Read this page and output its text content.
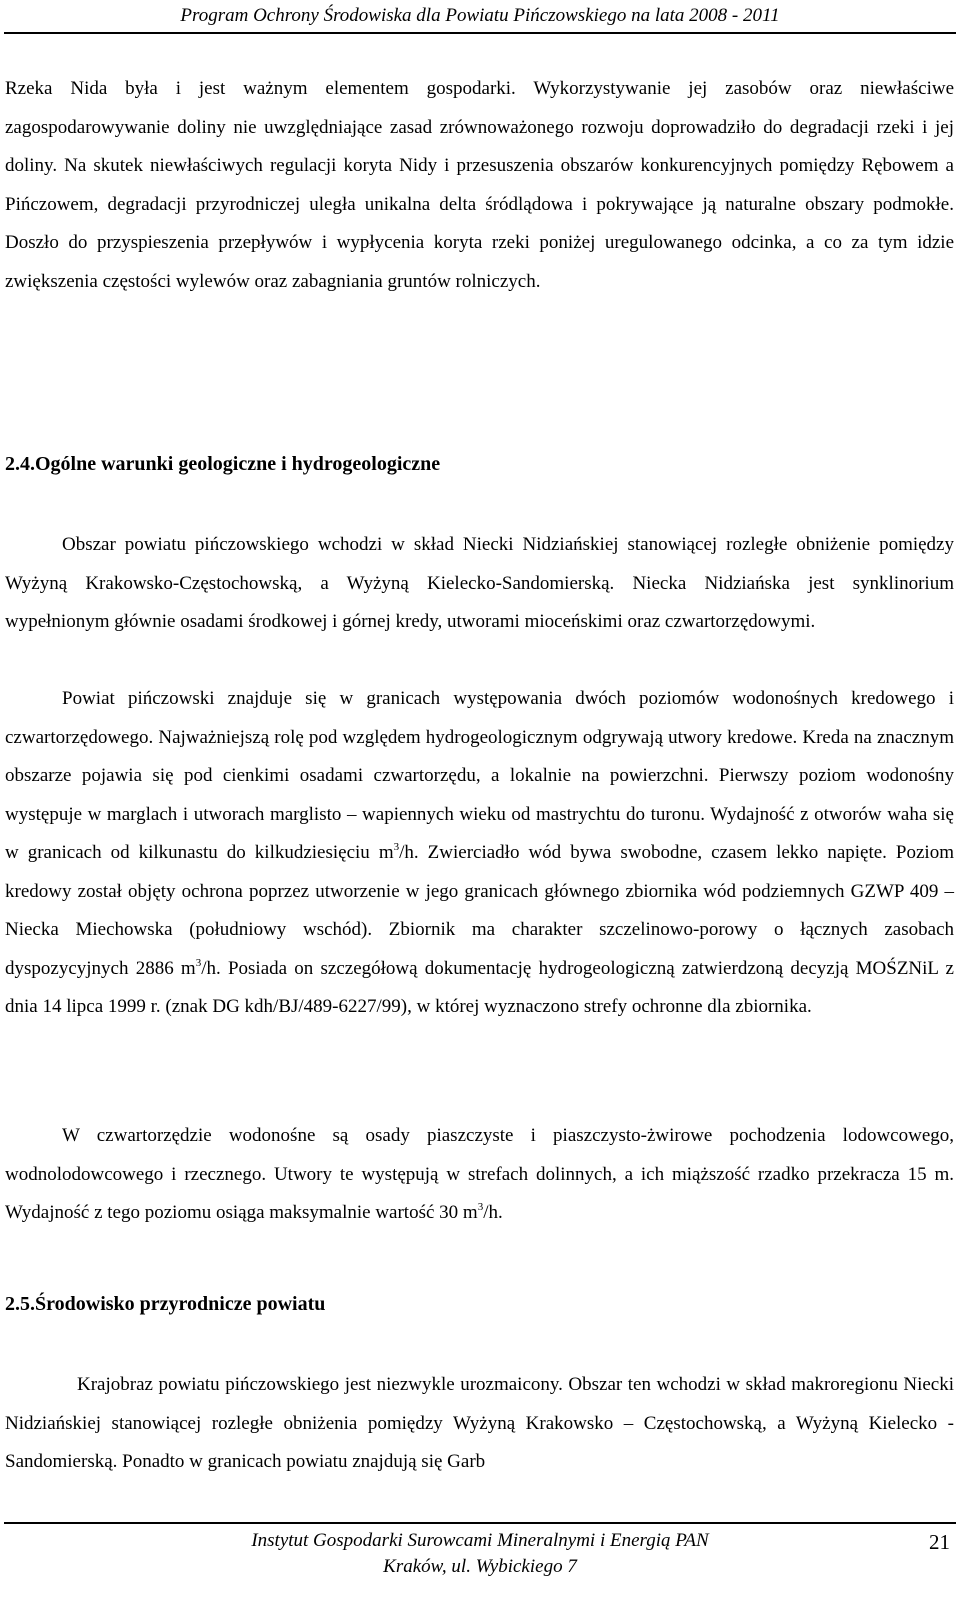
Program Ochrony Środowiska dla Powiatu Pińczowskiego na lata 2008 - 2011

Rzeka Nida była i jest ważnym elementem gospodarki. Wykorzystywanie jej zasobów oraz niewłaściwe zagospodarowywanie doliny nie uwzględniające zasad zrównoważonego rozwoju doprowadziło do degradacji rzeki i jej doliny. Na skutek niewłaściwych regulacji koryta Nidy i przesuszenia obszarów konkurencyjnych pomiędzy Rębowem a Pińczowem, degradacji przyrodniczej uległa unikalna delta śródlądowa i pokrywające ją naturalne obszary podmokłe. Doszło do przyspieszenia przepływów i wypłycenia koryta rzeki poniżej uregulowanego odcinka, a co za tym idzie zwiększenia częstości wylewów oraz zabagniania gruntów rolniczych.

2.4.Ogólne warunki geologiczne i hydrogeologiczne

Obszar powiatu pińczowskiego wchodzi w skład Niecki Nidziańskiej stanowiącej rozległe obniżenie pomiędzy Wyżyną Krakowsko-Częstochowską, a Wyżyną Kielecko-Sandomierską. Niecka Nidziańska jest synklinorium wypełnionym głównie osadami środkowej i górnej kredy, utworami mioceńskimi oraz czwartorzędowymi.

Powiat pińczowski znajduje się w granicach występowania dwóch poziomów wodonośnych kredowego i czwartorzędowego. Najważniejszą rolę pod względem hydrogeologicznym odgrywają utwory kredowe. Kreda na znacznym obszarze pojawia się pod cienkimi osadami czwartorzędu, a lokalnie na powierzchni. Pierwszy poziom wodonośny występuje w marglach i utworach marglisto – wapiennych wieku od mastrychtu do turonu. Wydajność z otworów waha się w granicach od kilkunastu do kilkudziesięciu $m^3/h$. Zwierciadło wód bywa swobodne, czasem lekko napięte. Poziom kredowy został objęty ochrona poprzez utworzenie w jego granicach głównego zbiornika wód podziemnych GZWP 409 – Niecka Miechowska (południowy wschód). Zbiornik ma charakter szczelinowo-porowy o łącznych zasobach dyspozycyjnych 2886 $m^3/h$. Posiada on szczegółową dokumentację hydrogeologiczną zatwierdzoną decyzją MOŚZNiL z dnia 14 lipca 1999 r. (znak DG kdh/BJ/489-6227/99), w której wyznaczono strefy ochronne dla zbiornika.

W czwartorzędzie wodonośne są osady piaszczyste i piaszczysto-żwirowe pochodzenia lodowcowego, wodnolodowcowego i rzecznego. Utwory te występują w strefach dolinnych, a ich miąższość rzadko przekracza 15 m. Wydajność z tego poziomu osiąga maksymalnie wartość 30 $m^3/h$.

2.5.Środowisko przyrodnicze powiatu

Krajobraz powiatu pińczowskiego jest niezwykle urozmaicony. Obszar ten wchodzi w skład makroregionu Niecki Nidziańskiej stanowiącej rozległe obniżenia pomiędzy Wyżyną Krakowsko – Częstochowską, a Wyżyną Kielecko - Sandomierską. Ponadto w granicach powiatu znajdują się Garb

Instytut Gospodarki Surowcami Mineralnymi i Energią PAN
Kraków, ul. Wybickiego 7
21
